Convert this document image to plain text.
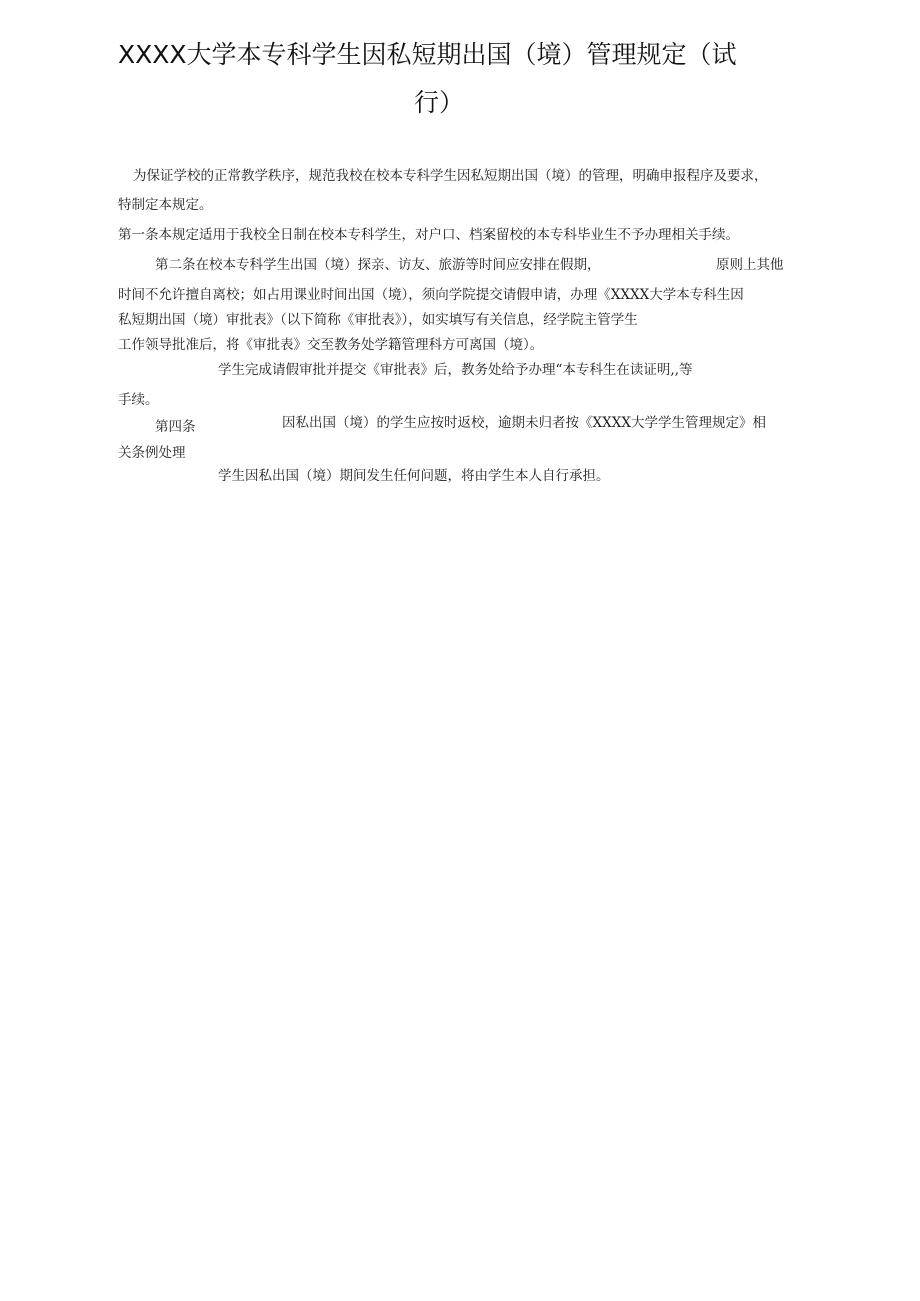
XXXX大学本专科学生因私短期出国（境）管理规定（试
行）
为保证学校的正常教学秩序，规范我校在校本专科学生因私短期出国（境）的管理，明确申报程序及要求，
特制定本规定。
第一条本规定适用于我校全日制在校本专科学生，对户口、档案留校的本专科毕业生不予办理相关手续。
第二条在校本专科学生出国（境）探亲、访友、旅游等时间应安排在假期，	原则上其他
时间不允许擅自离校；如占用课业时间出国（境），须向学院提交请假申请，办理《XXXX大学本专科生因
私短期出国（境）审批表》（以下简称《审批表》），如实填写有关信息，经学院主管学生
工作领导批准后，将《审批表》交至教务处学籍管理科方可离国（境）。
学生完成请假审批并提交《审批表》后，教务处给予办理“本专科生在读证明,,等
手续。
第四条	因私出国（境）的学生应按时返校，逾期未归者按《XXXX大学学生管理规定》相
关条例处理
学生因私出国（境）期间发生任何问题，将由学生本人自行承担。
